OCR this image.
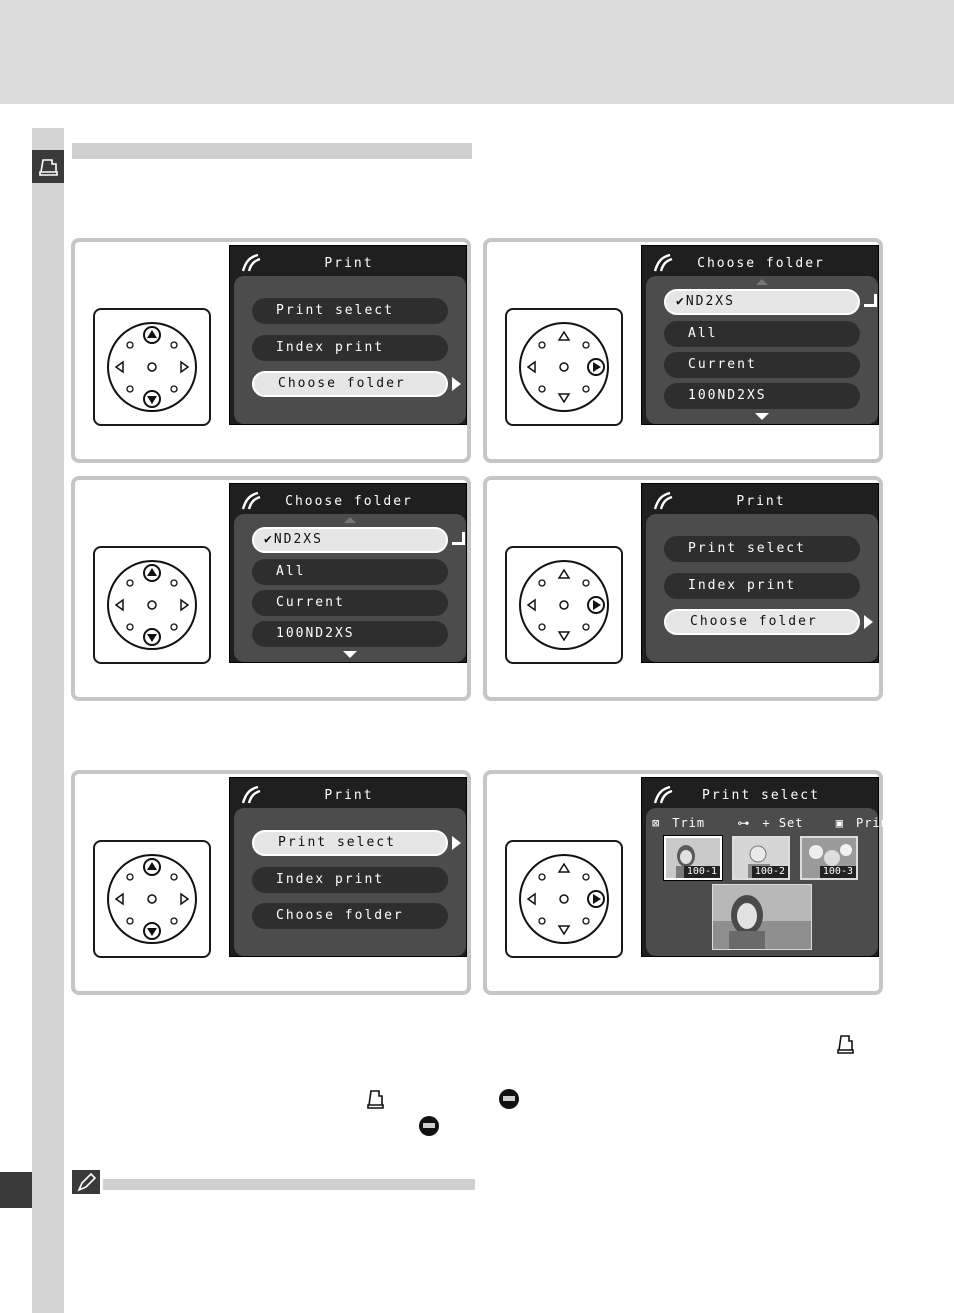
Print
Print select
Index print
Choose folder
Choose folder
✔ND2XS
All
Current
100ND2XS
Choose folder
✔ND2XS
All
Current
100ND2XS
Print
Print select
Index print
Choose folder
Print
Print select
Index print
Choose folder
Print select
⊠ Trim	⊶ + Set	▣ Print
100-1	100-2	100-3
